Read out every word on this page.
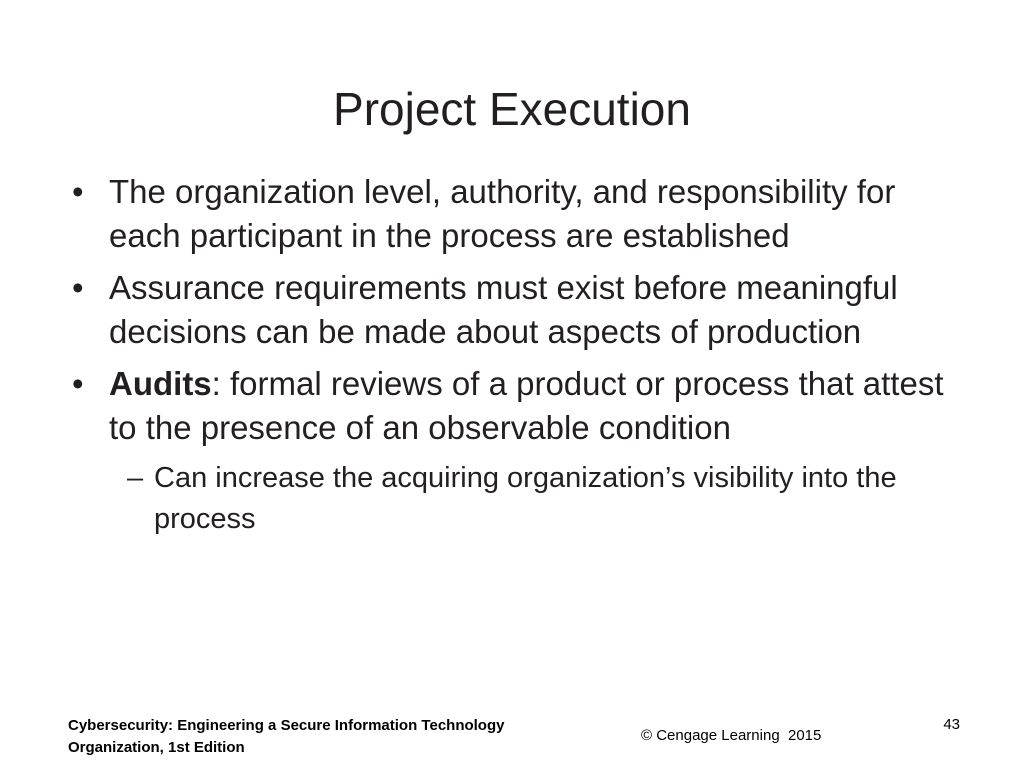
Project Execution
• The organization level, authority, and responsibility for each participant in the process are established
• Assurance requirements must exist before meaningful decisions can be made about aspects of production
• Audits: formal reviews of a product or process that attest to the presence of an observable condition
– Can increase the acquiring organization’s visibility into the process
Cybersecurity: Engineering a Secure Information Technology
Organization, 1st Edition
© Cengage Learning  2015
43
